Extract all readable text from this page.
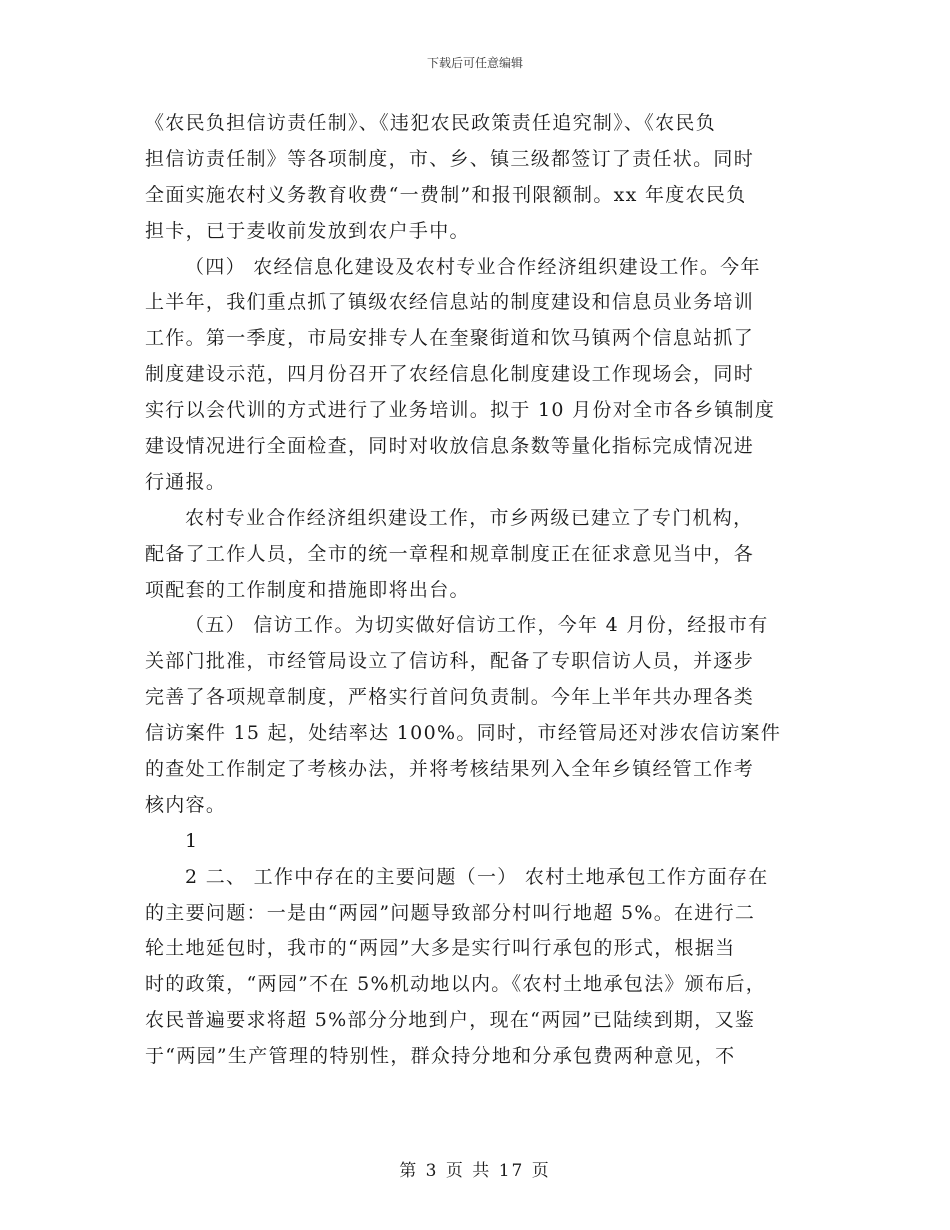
下载后可任意编辑
《农民负担信访责任制》、《违犯农民政策责任追究制》、《农民负
担信访责任制》等各项制度，市、乡、镇三级都签订了责任状。同时
全面实施农村义务教育收费“一费制”和报刊限额制。xx 年度农民负
担卡，已于麦收前发放到农户手中。
（四） 农经信息化建设及农村专业合作经济组织建设工作。今年
上半年，我们重点抓了镇级农经信息站的制度建设和信息员业务培训
工作。第一季度，市局安排专人在奎聚街道和饮马镇两个信息站抓了
制度建设示范，四月份召开了农经信息化制度建设工作现场会，同时
实行以会代训的方式进行了业务培训。拟于 10 月份对全市各乡镇制度
建设情况进行全面检查，同时对收放信息条数等量化指标完成情况进
行通报。
农村专业合作经济组织建设工作，市乡两级已建立了专门机构，
配备了工作人员，全市的统一章程和规章制度正在征求意见当中，各
项配套的工作制度和措施即将出台。
（五） 信访工作。为切实做好信访工作，今年 4 月份，经报市有
关部门批准，市经管局设立了信访科，配备了专职信访人员，并逐步
完善了各项规章制度，严格实行首问负责制。今年上半年共办理各类
信访案件 15 起，处结率达 100%。同时，市经管局还对涉农信访案件
的查处工作制定了考核办法，并将考核结果列入全年乡镇经管工作考
核内容。
1
2 二、 工作中存在的主要问题（一） 农村土地承包工作方面存在
的主要问题：一是由“两园”问题导致部分村叫行地超 5%。在进行二
轮土地延包时，我市的“两园”大多是实行叫行承包的形式，根据当
时的政策，“两园”不在 5%机动地以内。《农村土地承包法》颁布后，
农民普遍要求将超 5%部分分地到户，现在“两园”已陆续到期，又鉴
于“两园”生产管理的特别性，群众持分地和分承包费两种意见，不
第 3 页 共 17 页
